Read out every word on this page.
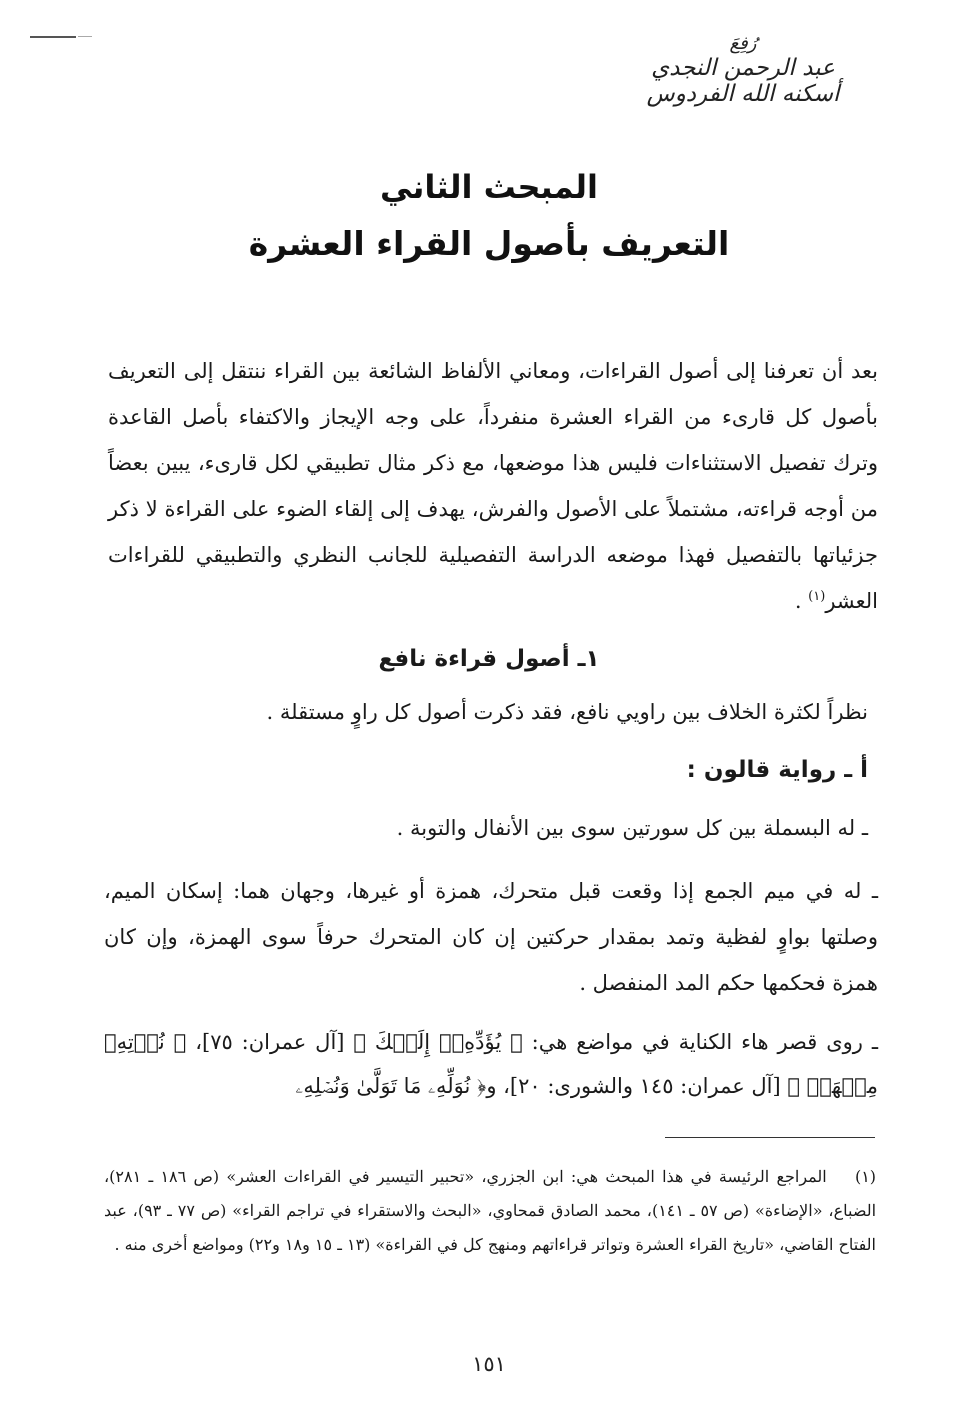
رُفِعَ
عبد الرحمن النجدي
أسكنه الله الفردوس
المبحث الثاني
التعريف بأصول القراء العشرة
بعد أن تعرفنا إلى أصول القراءات، ومعاني الألفاظ الشائعة بين القراء ننتقل إلى التعريف بأصول كل قارىء من القراء العشرة منفرداً، على وجه الإيجاز والاكتفاء بأصل القاعدة وترك تفصيل الاستثناءات فليس هذا موضعها، مع ذكر مثال تطبيقي لكل قارىء، يبين بعضاً من أوجه قراءته، مشتملاً على الأصول والفرش، يهدف إلى إلقاء الضوء على القراءة لا ذكر جزئياتها بالتفصيل فهذا موضعه الدراسة التفصيلية للجانب النظري والتطبيقي للقراءات العشر$^{(١)}$ .
١ـ أصول قراءة نافع
نظراً لكثرة الخلاف بين راويي نافع، فقد ذكرت أصول كل راوٍ مستقلة .
أ ـ رواية قالون :
ـ له البسملة بين كل سورتين سوى بين الأنفال والتوبة .
ـ له في ميم الجمع إذا وقعت قبل متحرك، همزة أو غيرها، وجهان هما: إسكان الميم، وصلتها بواوٍ لفظية وتمد بمقدار حركتين إن كان المتحرك حرفاً سوى الهمزة، وإن كان همزة فحكمها حكم المد المنفصل .
ـ روى قصر هاء الكناية في مواضع هي: ﴿ يُؤَدِّهِۦٓ إِلَيۡكَ ﴾ [آل عمران: ٧٥]، ﴿ نُؤۡتِهِۦ مِنۡهَاۗ ﴾ [آل عمران: ١٤٥ والشورى: ٢٠]، و﴿ نُوَلِّهِۦ مَا تَوَلَّىٰ وَنُصۡلِهِۦ
(١) المراجع الرئيسة في هذا المبحث هي: ابن الجزري، «تحبير التيسير في القراءات العشر» (ص ١٨٦ ـ ٢٨١)، الضباع، «الإضاءة» (ص ٥٧ ـ ١٤١)، محمد الصادق قمحاوي، «البحث والاستقراء في تراجم القراء» (ص ٧٧ ـ ٩٣)، عبد الفتاح القاضي، «تاريخ القراء العشرة وتواتر قراءاتهم ومنهج كل في القراءة» (١٣ ـ ١٥ و١٨ و٢٢) ومواضع أخرى منه .
١٥١
